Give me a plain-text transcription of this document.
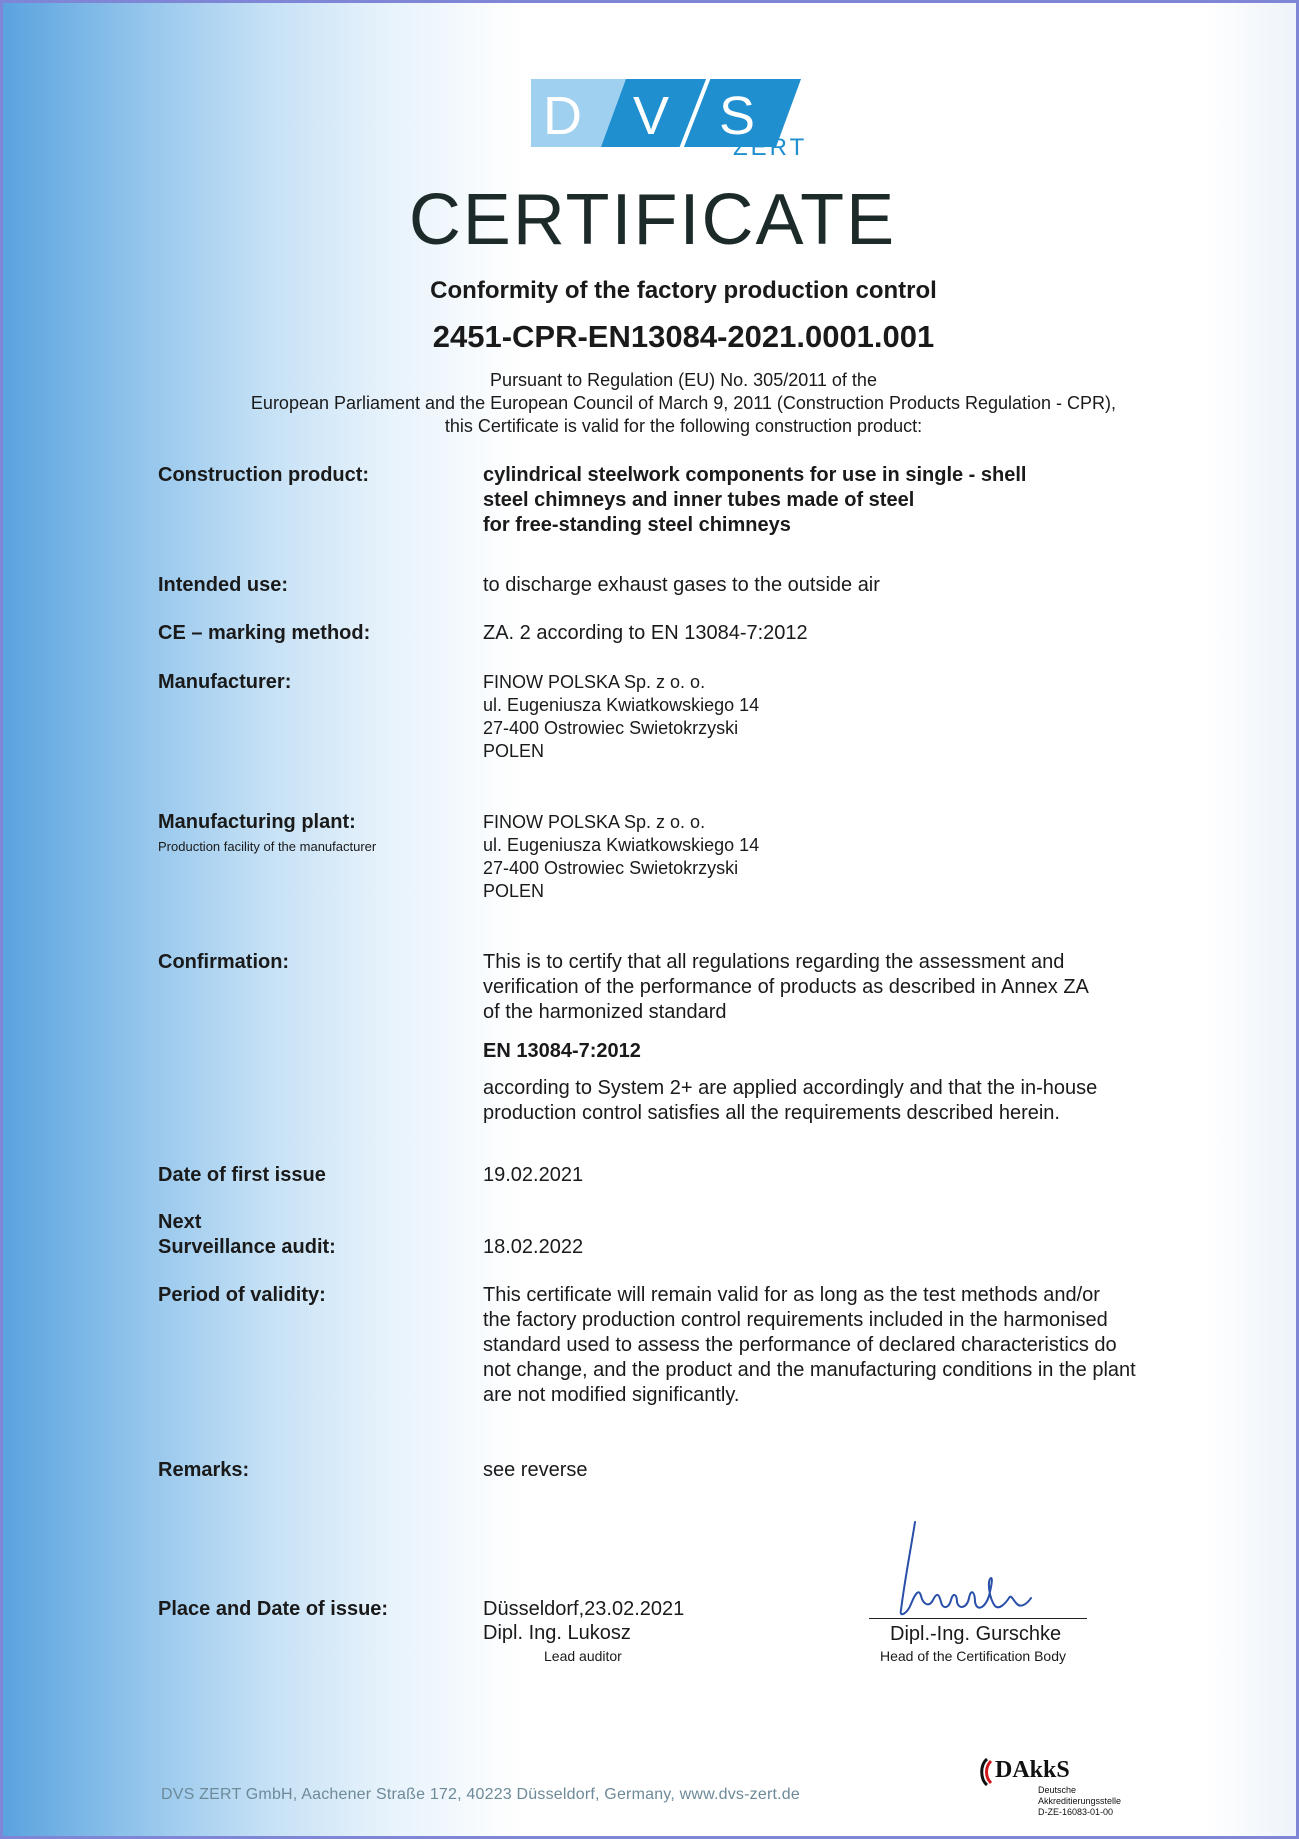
D V S
ZERT
CERTIFICATE
Conformity of the factory production control
2451-CPR-EN13084-2021.0001.001
Pursuant to Regulation (EU) No. 305/2011 of the
European Parliament and the European Council of March 9, 2011 (Construction Products Regulation - CPR),
this Certificate is valid for the following construction product:
Construction product:	cylindrical steelwork components for use in single - shell
steel chimneys and inner tubes made of steel
for free-standing steel chimneys
Intended use:	to discharge exhaust gases to the outside air
CE – marking method:	ZA. 2 according to EN 13084-7:2012
Manufacturer:	FINOW POLSKA Sp. z o. o.
ul. Eugeniusza Kwiatkowskiego 14
27-400 Ostrowiec Swietokrzyski
POLEN
Manufacturing plant:
Production facility of the manufacturer
FINOW POLSKA Sp. z o. o.
ul. Eugeniusza Kwiatkowskiego 14
27-400 Ostrowiec Swietokrzyski
POLEN
Confirmation:	This is to certify that all regulations regarding the assessment and
verification of the performance of products as described in Annex ZA
of the harmonized standard
EN 13084-7:2012
according to System 2+ are applied accordingly and that the in-house
production control satisfies all the requirements described herein.
Date of first issue	19.02.2021
Next
Surveillance audit:	18.02.2022
Period of validity:	This certificate will remain valid for as long as the test methods and/or
the factory production control requirements included in the harmonised
standard used to assess the performance of declared characteristics do
not change, and the product and the manufacturing conditions in the plant
are not modified significantly.
Remarks:	see reverse
Place and Date of issue:	Düsseldorf,23.02.2021
Dipl. Ing. Lukosz
Lead auditor
Dipl.-Ing. Gurschke
Head of the Certification Body
DVS ZERT GmbH, Aachener Straße 172, 40223 Düsseldorf, Germany, www.dvs-zert.de
DAkkS
Deutsche
Akkreditierungsstelle
D-ZE-16083-01-00
